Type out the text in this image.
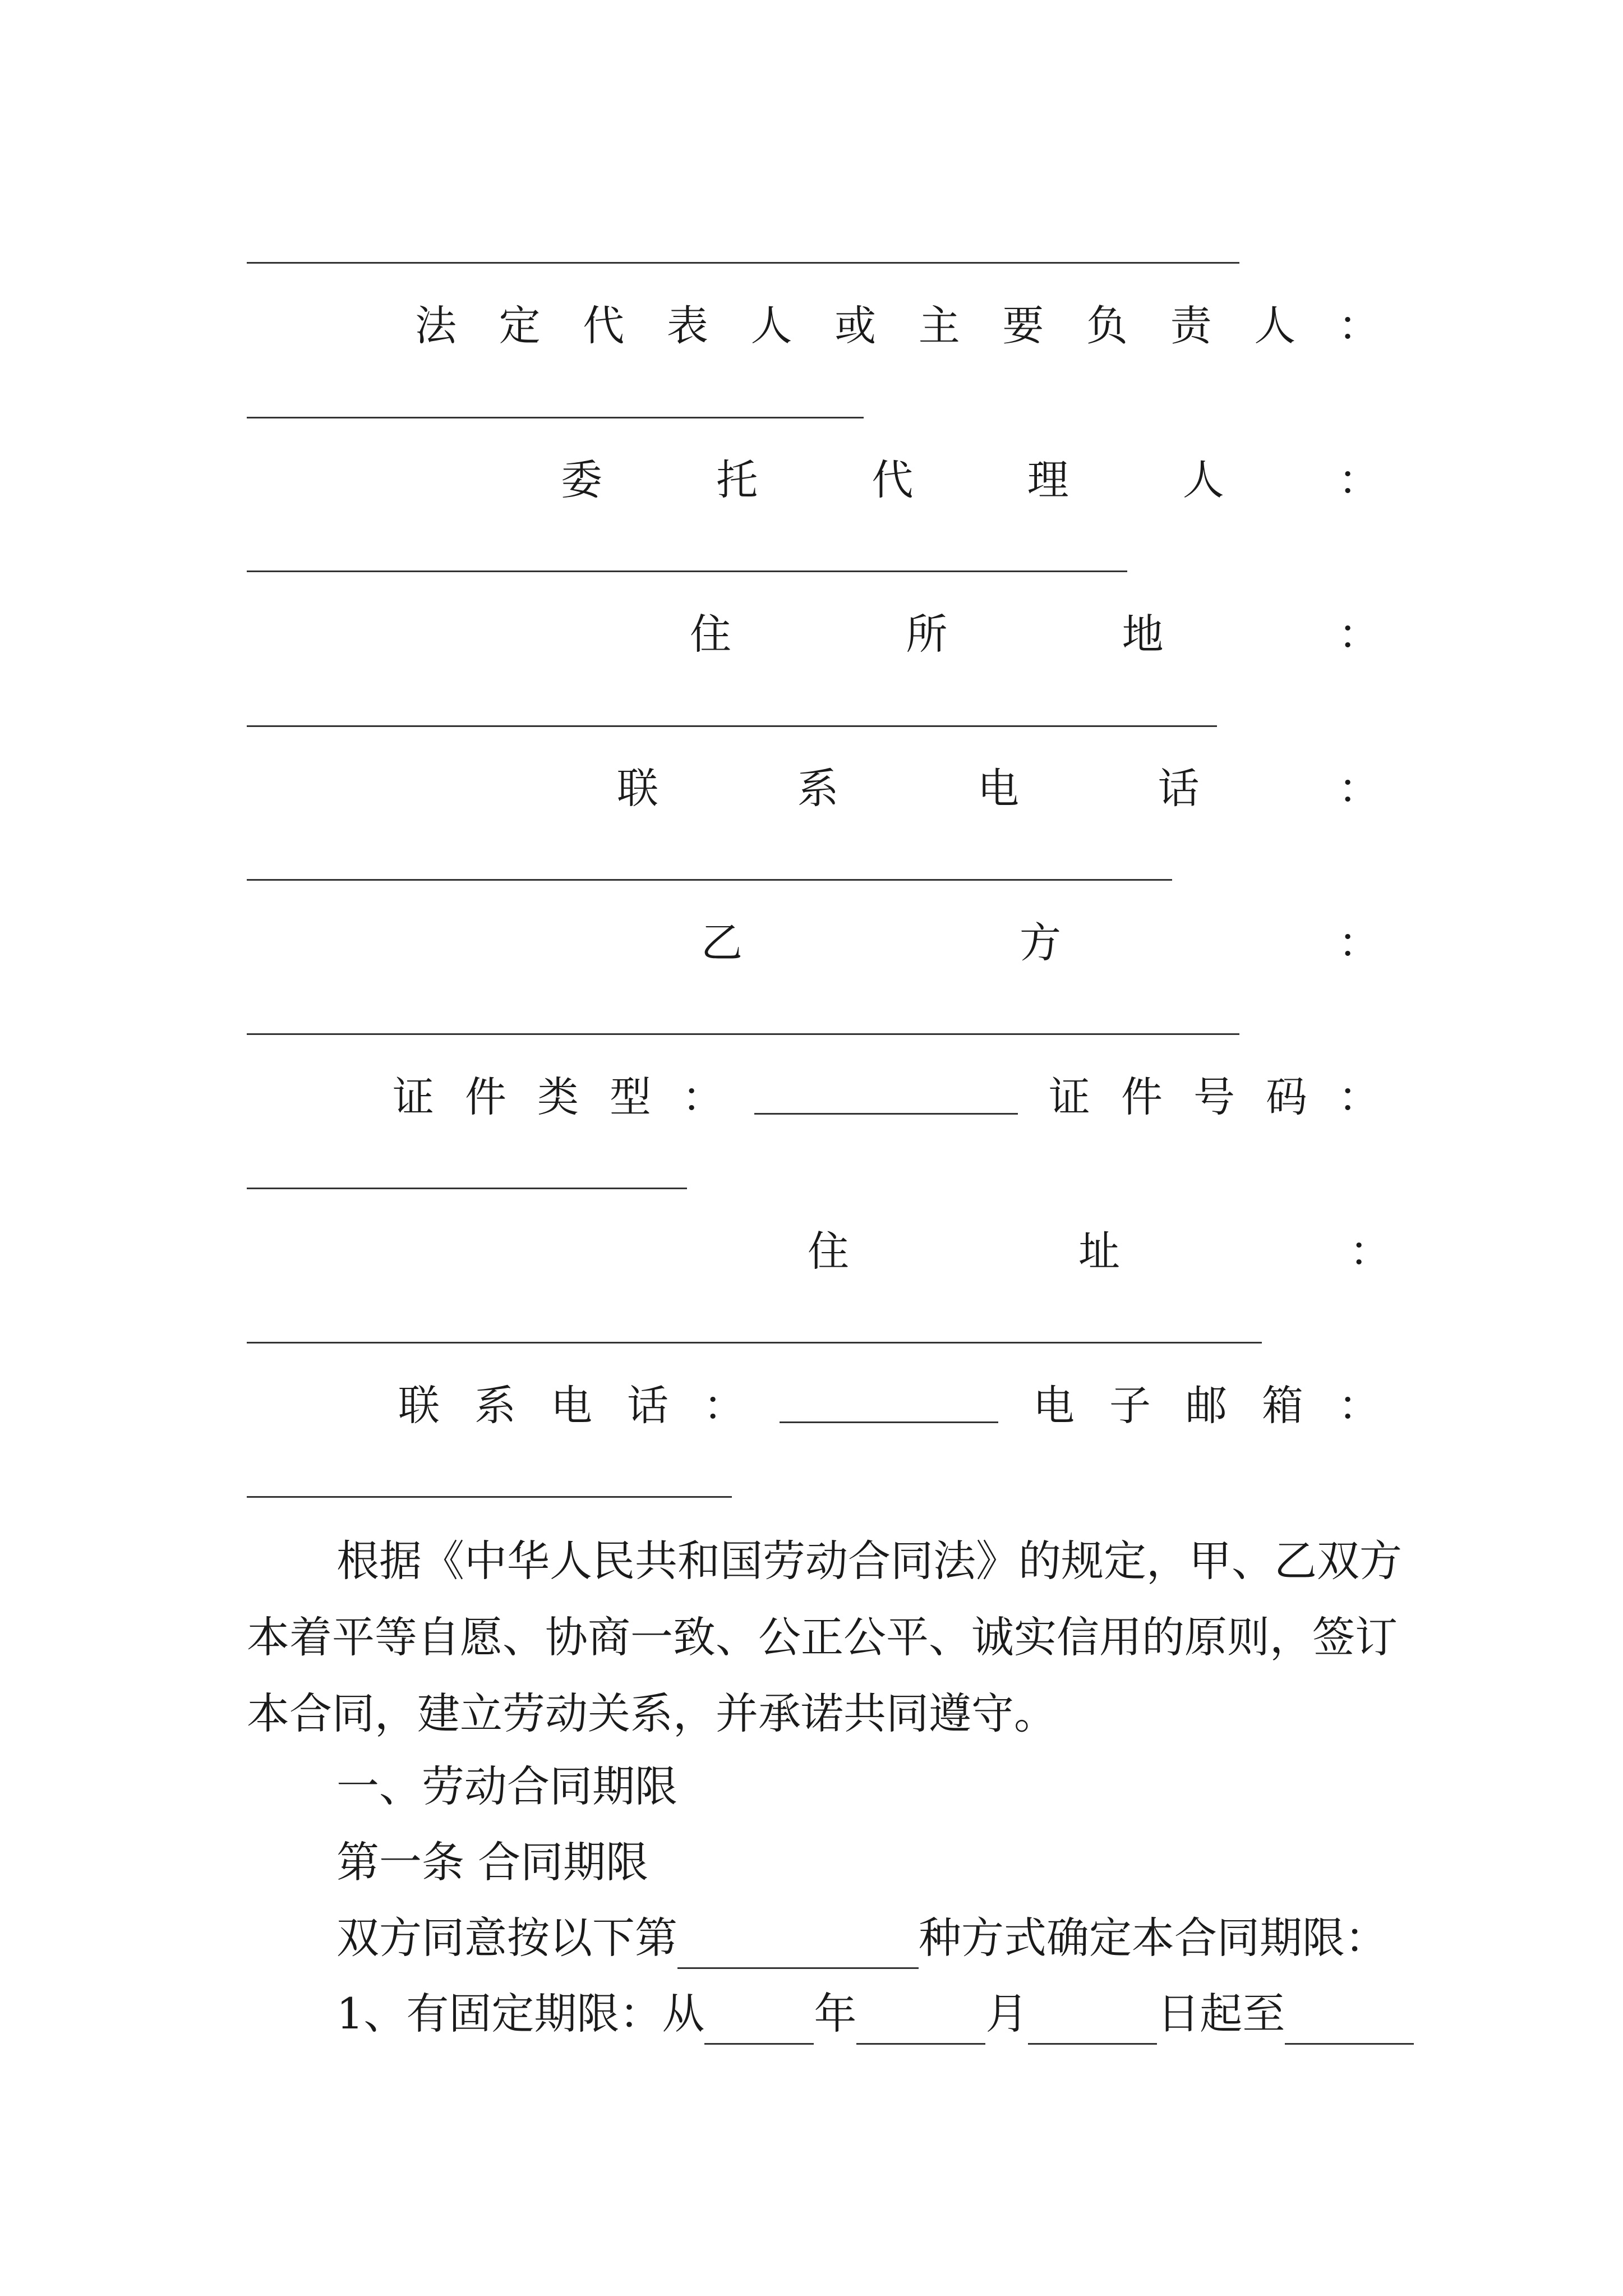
法 定 代 表 人 或 主 要 负 责 人 ：
委	托	代	理	人	：
住	所	地	：
联	系	电	话	：
乙	方	：
证 件 类 型 ：	证 件 号 码 ：
住	址	：
联 系 电 话 ：	电 子 邮 箱 ：
根据《中华人民共和国劳动合同法》的规定，甲、乙双方本着平等自愿、协商一致、公正公平、诚实信用的原则，签订本合同，建立劳动关系，并承诺共同遵守。
一、劳动合同期限
第一条 合同期限
双方同意按以下第	种方式确定本合同期限：
1、有固定期限：从	年	月	日起至
